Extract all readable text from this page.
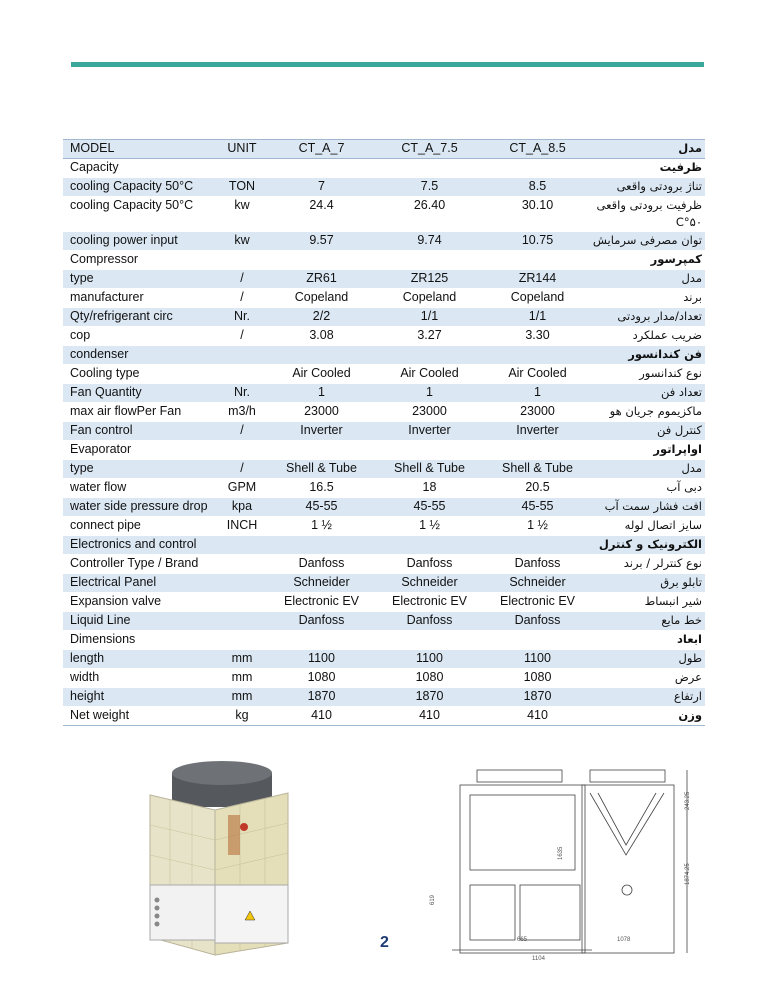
MODEL	UNIT	CT_A_7	CT_A_7.5	CT_A_8.5	مدل
Capacity					ظرفیت
cooling Capacity 50°C	TON	7	7.5	8.5	تناژ برودتی واقعی
cooling Capacity 50°C	kw	24.4	26.40	30.10	ظرفیت برودتی واقعی ۵۰°C
cooling power input	kw	9.57	9.74	10.75	توان مصرفی سرمایش
Compressor					کمپرسور
type	/	ZR61	ZR125	ZR144	مدل
manufacturer	/	Copeland	Copeland	Copeland	برند
Qty/refrigerant circ	Nr.	2/2	1/1	1/1	تعداد/مدار برودتی
cop	/	3.08	3.27	3.30	ضریب عملکرد
condenser					فن کندانسور
Cooling type		Air Cooled	Air Cooled	Air Cooled	نوع کندانسور
Fan Quantity	Nr.	1	1	1	تعداد فن
max air flowPer Fan	m3/h	23000	23000	23000	ماکزیموم جریان هو
Fan control	/	Inverter	Inverter	Inverter	کنترل فن
Evaporator					اواپراتور
type	/	Shell & Tube	Shell & Tube	Shell & Tube	مدل
water flow	GPM	16.5	18	20.5	دبی آب
water side pressure drop	kpa	45-55	45-55	45-55	افت فشار سمت آب
connect pipe	INCH	1 ½	1 ½	1 ½	سایز اتصال لوله
Electronics and control					الکترونیک و کنترل
Controller Type / Brand		Danfoss	Danfoss	Danfoss	نوع کنترلر / برند
Electrical Panel		Schneider	Schneider	Schneider	تابلو برق
Expansion valve		Electronic EV	Electronic EV	Electronic EV	شیر انبساط
Liquid Line		Danfoss	Danfoss	Danfoss	خط مایع
Dimensions					ابعاد
length	mm	1100	1100	1100	طول
width	mm	1080	1080	1080	عرض
height	mm	1870	1870	1870	ارتفاع
Net weight	kg	410	410	410	وزن
243.25
1874.25
1635
619
665
1104
1078
2
